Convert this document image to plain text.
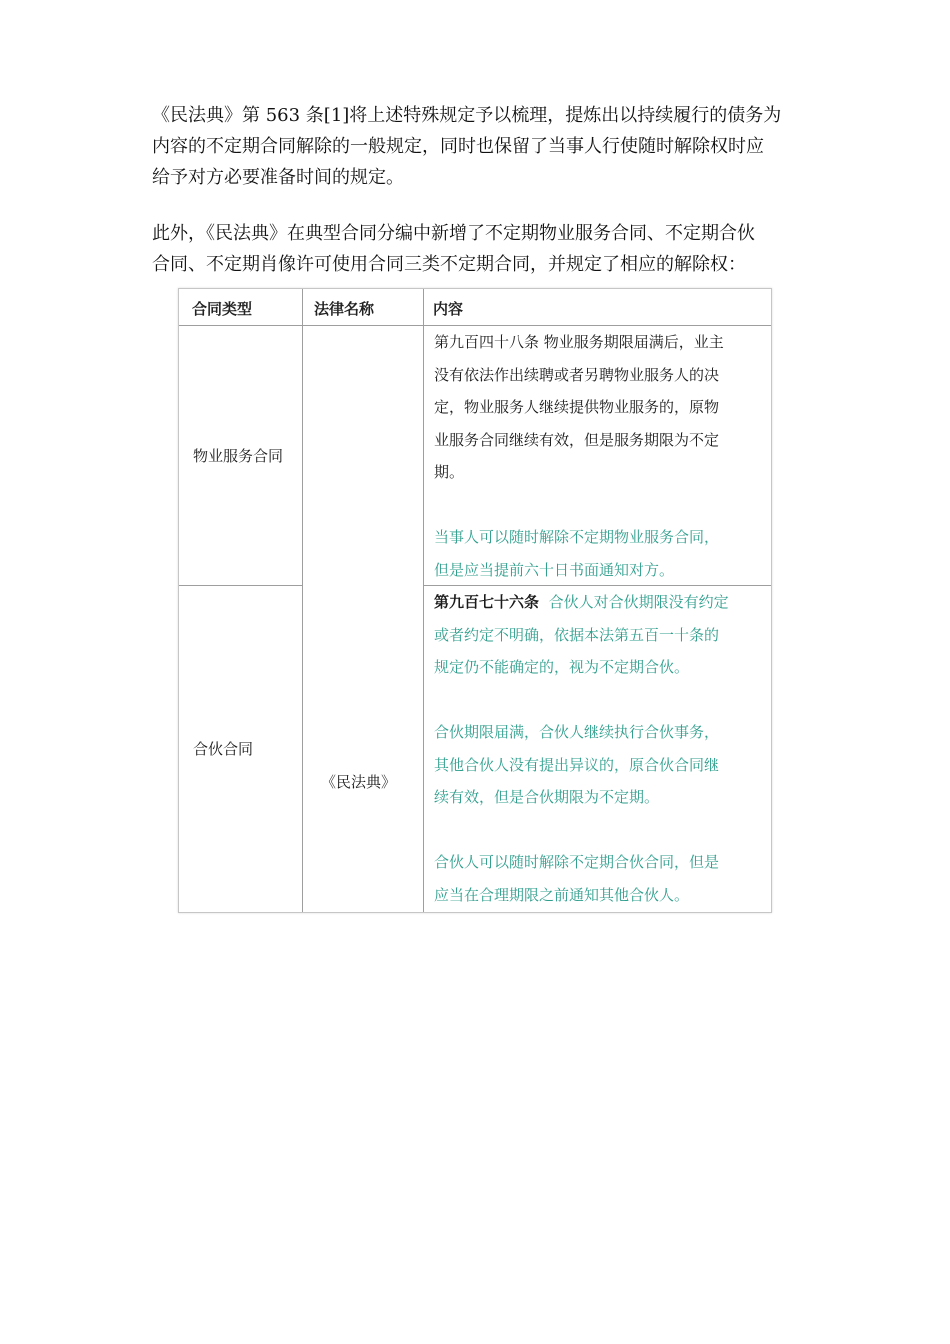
《民法典》第 563 条[1]将上述特殊规定予以梳理，提炼出以持续履行的债务为
内容的不定期合同解除的一般规定，同时也保留了当事人行使随时解除权时应
给予对方必要准备时间的规定。
此外，《民法典》在典型合同分编中新增了不定期物业服务合同、不定期合伙
合同、不定期肖像许可使用合同三类不定期合同，并规定了相应的解除权：
合同类型	法律名称	内容
物业服务合同
《民法典》
第九百四十八条 物业服务期限届满后，业主
没有依法作出续聘或者另聘物业服务人的决
定，物业服务人继续提供物业服务的，原物
业服务合同继续有效，但是服务期限为不定
期。
当事人可以随时解除不定期物业服务合同，
但是应当提前六十日书面通知对方。
合伙合同
第九百七十六条 合伙人对合伙期限没有约定
或者约定不明确，依据本法第五百一十条的
规定仍不能确定的，视为不定期合伙。
合伙期限届满，合伙人继续执行合伙事务，
其他合伙人没有提出异议的，原合伙合同继
续有效，但是合伙期限为不定期。
合伙人可以随时解除不定期合伙合同，但是
应当在合理期限之前通知其他合伙人。
